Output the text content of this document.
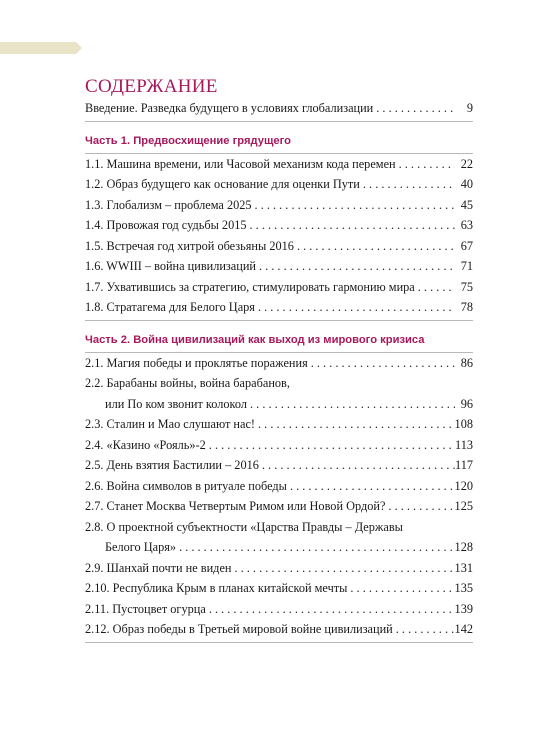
СОДЕРЖАНИЕ
Введение. Разведка будущего в условиях глобализации . . .	9
Часть 1. Предвосхищение грядущего
1.1. Машина времени, или Часовой механизм кода перемен . . .	22
1.2. Образ будущего как основание для оценки Пути . . .	40
1.3. Глобализм – проблема 2025 . . .	45
1.4. Провожая год судьбы 2015 . . .	63
1.5. Встречая год хитрой обезьяны 2016 . . .	67
1.6. WWIII – война цивилизаций . . .	71
1.7. Ухватившись за стратегию, стимулировать гармонию мира . . .	75
1.8. Стратагема для Белого Царя . . .	78
Часть 2. Война цивилизаций как выход из мирового кризиса
2.1. Магия победы и проклятье поражения . . .	86
2.2. Барабаны войны, война барабанов,
или По ком звонит колокол . . .	96
2.3. Сталин и Мао слушают нас! . . .	108
2.4. «Казино «Рояль»-2 . . .	113
2.5. День взятия Бастилии – 2016 . . .	117
2.6. Война символов в ритуале победы . . .	120
2.7. Станет Москва Четвертым Римом или Новой Ордой? . . .	125
2.8. О проектной субъектности «Царства Правды – Державы
Белого Царя» . . .	128
2.9. Шанхай почти не виден . . .	131
2.10. Республика Крым в планах китайской мечты . . .	135
2.11. Пустоцвет огурца . . .	139
2.12. Образ победы в Третьей мировой войне цивилизаций . . .	142
